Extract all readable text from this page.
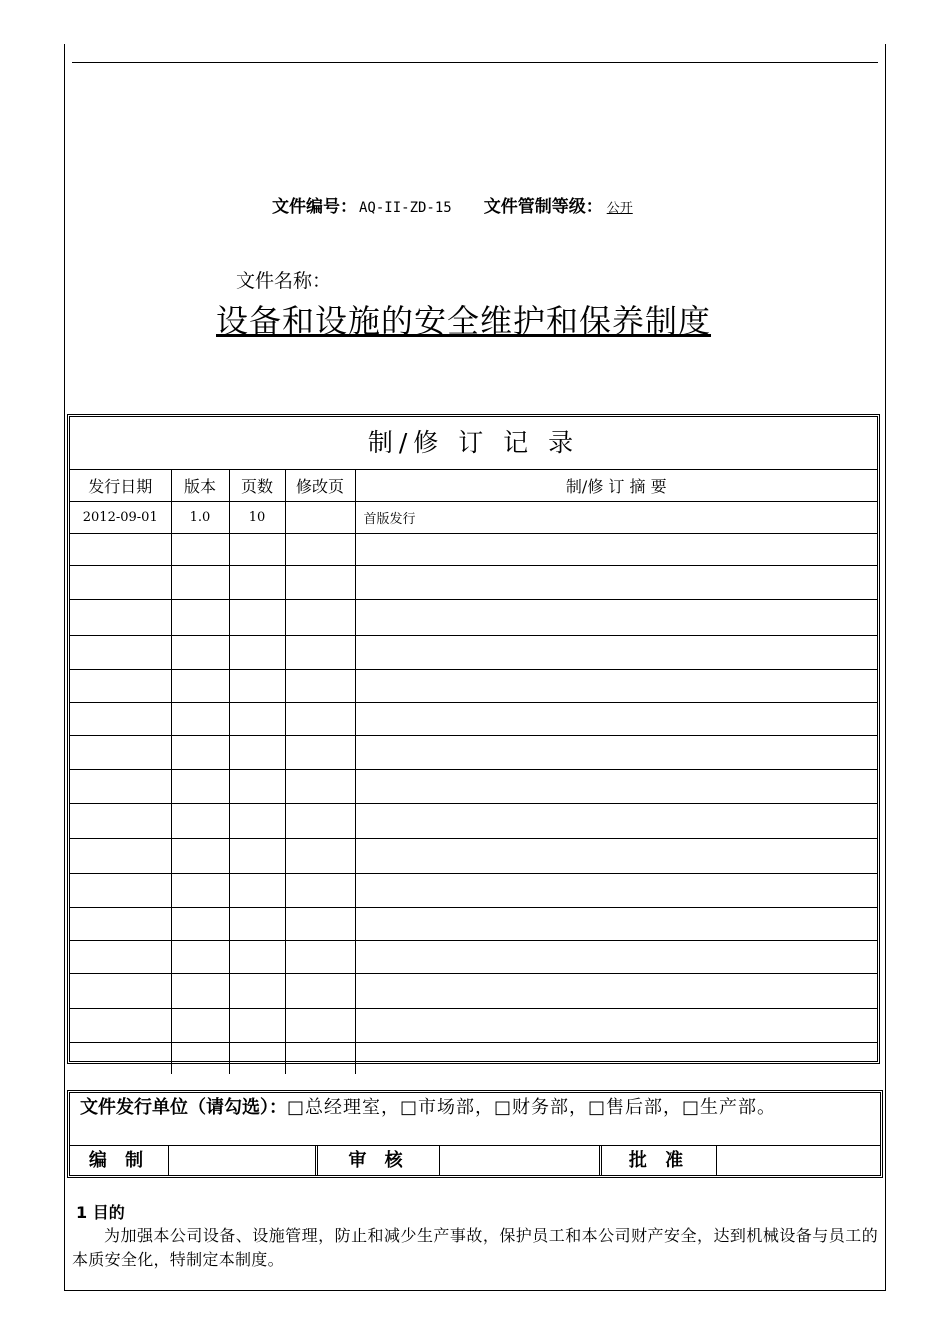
文件编号： AQ-II-ZD-15 文件管制等级： 公开
文件名称：
设备和设施的安全维护和保养制度
制/修 订 记 录
发行日期	版本	页数	修改页	制/修 订 摘 要
2012-09-01	1.0	10		首版发行

文件发行单位（请勾选）：□总经理室，□市场部，□财务部，□售后部，□生产部。
编 制	审 核	批 准
1 目的
为加强本公司设备、设施管理，防止和减少生产事故，保护员工和本公司财产安全，达到机械设备与员工的本质安全化，特制定本制度。
